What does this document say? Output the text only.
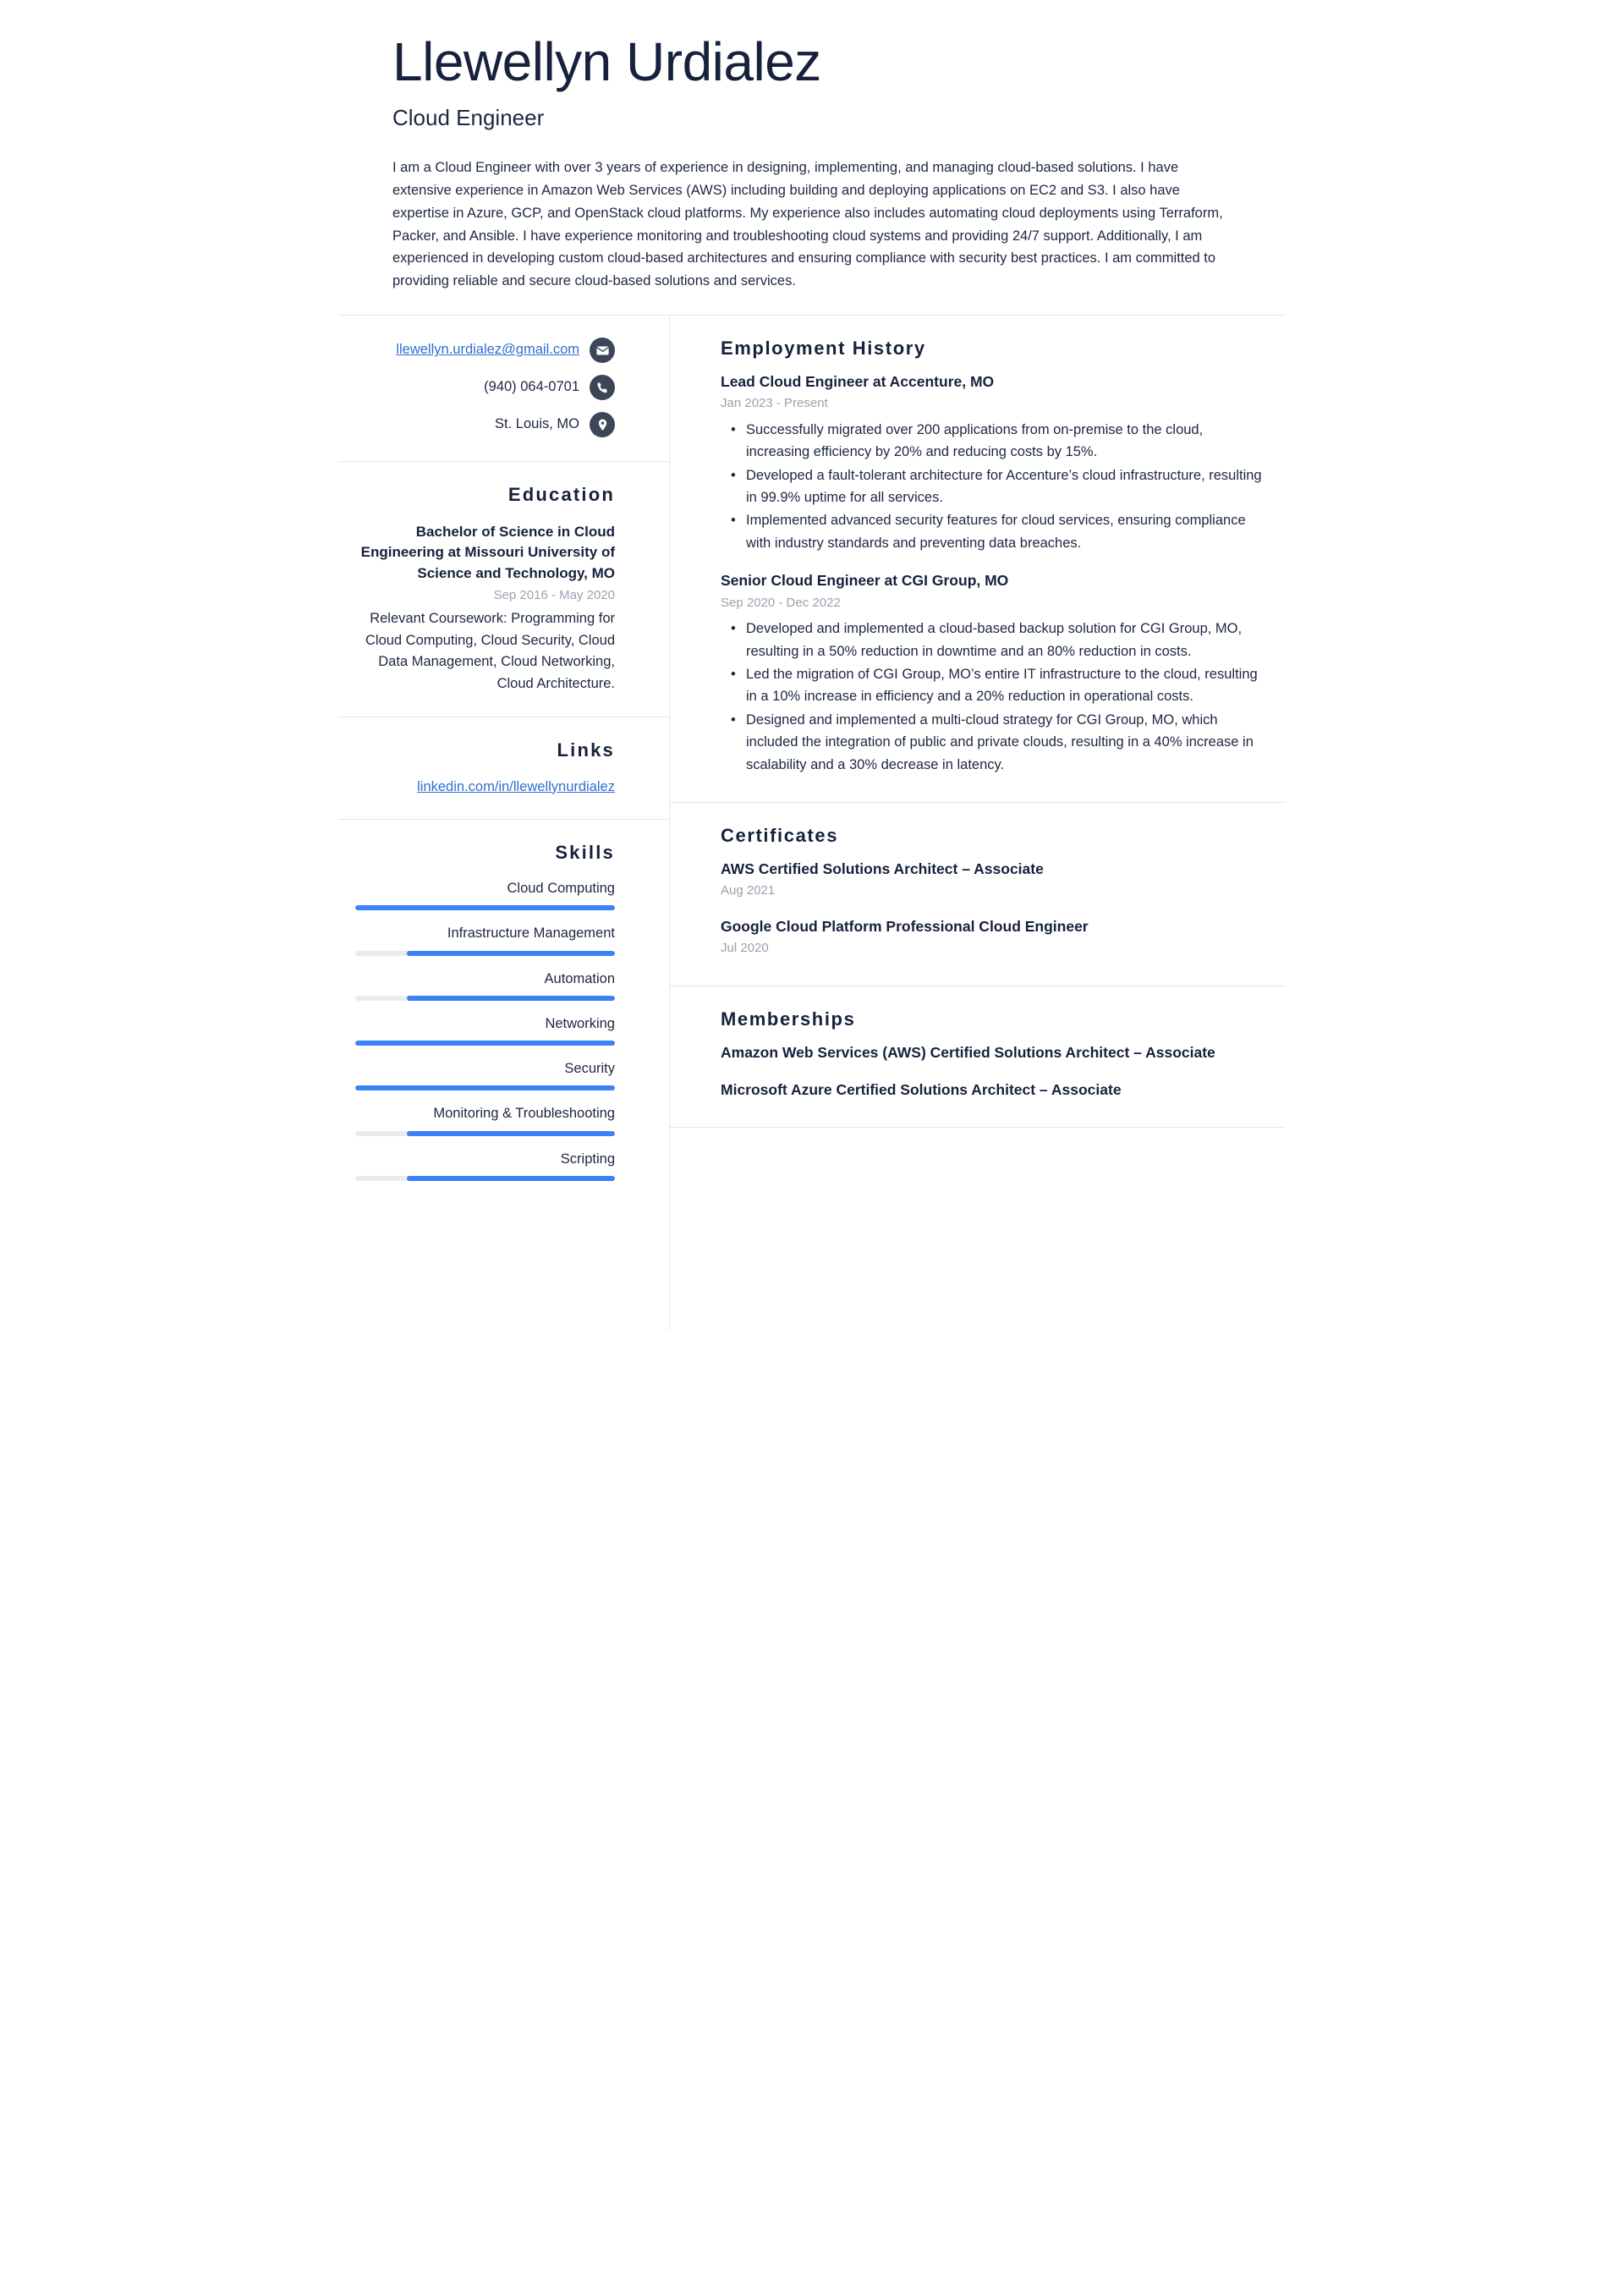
Llewellyn Urdialez
Cloud Engineer

I am a Cloud Engineer with over 3 years of experience in designing, implementing, and managing cloud-based solutions. I have extensive experience in Amazon Web Services (AWS) including building and deploying applications on EC2 and S3. I also have expertise in Azure, GCP, and OpenStack cloud platforms. My experience also includes automating cloud deployments using Terraform, Packer, and Ansible. I have experience monitoring and troubleshooting cloud systems and providing 24/7 support. Additionally, I am experienced in developing custom cloud-based architectures and ensuring compliance with security best practices. I am committed to providing reliable and secure cloud-based solutions and services.

llewellyn.urdialez@gmail.com
(940) 064-0701
St. Louis, MO
Education
Bachelor of Science in Cloud Engineering at Missouri University of Science and Technology, MO
Sep 2016 - May 2020
Relevant Coursework: Programming for Cloud Computing, Cloud Security, Cloud Data Management, Cloud Networking, Cloud Architecture.
Links
linkedin.com/in/llewellynurdialez
Skills
Cloud Computing
Infrastructure Management
Automation
Networking
Security
Monitoring & Troubleshooting
Scripting
Employment History
Lead Cloud Engineer at Accenture, MO
Jan 2023 - Present
• Successfully migrated over 200 applications from on-premise to the cloud, increasing efficiency by 20% and reducing costs by 15%.
• Developed a fault-tolerant architecture for Accenture’s cloud infrastructure, resulting in 99.9% uptime for all services.
• Implemented advanced security features for cloud services, ensuring compliance with industry standards and preventing data breaches.
Senior Cloud Engineer at CGI Group, MO
Sep 2020 - Dec 2022
• Developed and implemented a cloud-based backup solution for CGI Group, MO, resulting in a 50% reduction in downtime and an 80% reduction in costs.
• Led the migration of CGI Group, MO’s entire IT infrastructure to the cloud, resulting in a 10% increase in efficiency and a 20% reduction in operational costs.
• Designed and implemented a multi-cloud strategy for CGI Group, MO, which included the integration of public and private clouds, resulting in a 40% increase in scalability and a 30% decrease in latency.
Certificates
AWS Certified Solutions Architect – Associate
Aug 2021
Google Cloud Platform Professional Cloud Engineer
Jul 2020
Memberships
Amazon Web Services (AWS) Certified Solutions Architect – Associate
Microsoft Azure Certified Solutions Architect – Associate
